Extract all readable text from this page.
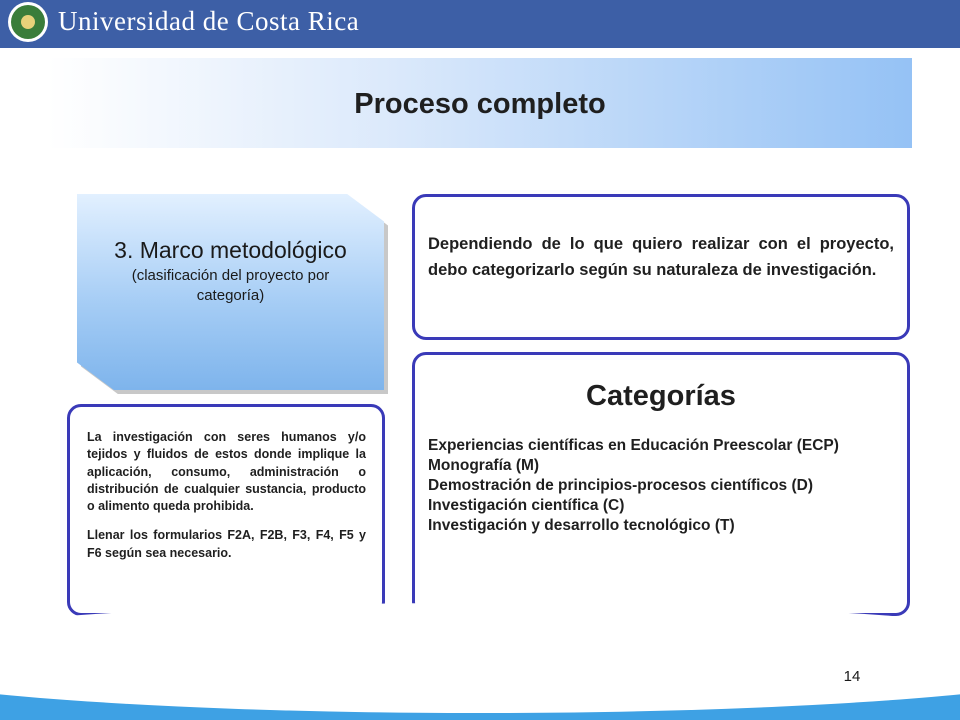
Universidad de Costa Rica
Proceso completo
3. Marco metodológico
(clasificación del proyecto por categoría)

La investigación con seres humanos y/o tejidos y fluidos de estos donde implique la aplicación, consumo, administración o distribución de cualquier sustancia, producto o alimento queda prohibida.

Llenar los formularios F2A, F2B, F3, F4, F5 y F6 según sea necesario.

Dependiendo de lo que quiero realizar con el proyecto, debo categorizarlo según su naturaleza de investigación.

Categorías
Experiencias científicas en Educación Preescolar (ECP)
Monografía (M)
Demostración de principios-procesos científicos (D)
Investigación científica (C)
Investigación y desarrollo tecnológico (T)
14
